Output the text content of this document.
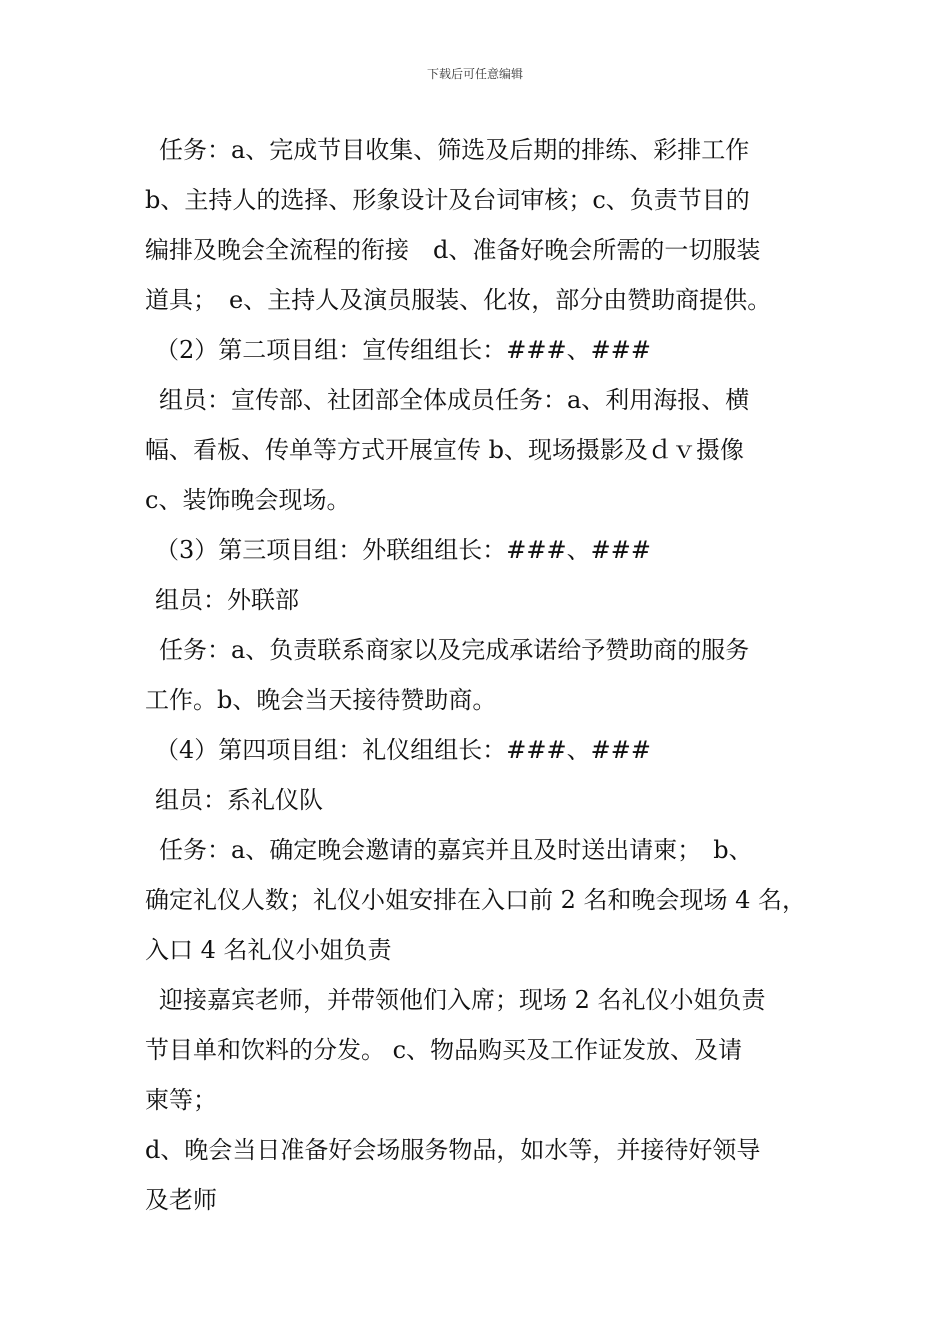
下载后可任意编辑
任务：a、完成节目收集、筛选及后期的排练、彩排工作
b、主持人的选择、形象设计及台词审核；c、负责节目的
编排及晚会全流程的衔接　d、准备好晚会所需的一切服装
道具；　e、主持人及演员服装、化妆，部分由赞助商提供。
（2）第二项目组：宣传组组长：###、###
组员：宣传部、社团部全体成员任务：a、利用海报、横
幅、看板、传单等方式开展宣传 b、现场摄影及ｄｖ摄像
c、装饰晚会现场。
（3）第三项目组：外联组组长：###、###
组员：外联部
任务：a、负责联系商家以及完成承诺给予赞助商的服务
工作。b、晚会当天接待赞助商。
（4）第四项目组：礼仪组组长：###、###
组员：系礼仪队
任务：a、确定晚会邀请的嘉宾并且及时送出请柬；　b、
确定礼仪人数；礼仪小姐安排在入口前 2 名和晚会现场 4 名，
入口 4 名礼仪小姐负责
迎接嘉宾老师，并带领他们入席；现场 2 名礼仪小姐负责
节目单和饮料的分发。 c、物品购买及工作证发放、及请
柬等；
d、晚会当日准备好会场服务物品，如水等，并接待好领导
及老师
